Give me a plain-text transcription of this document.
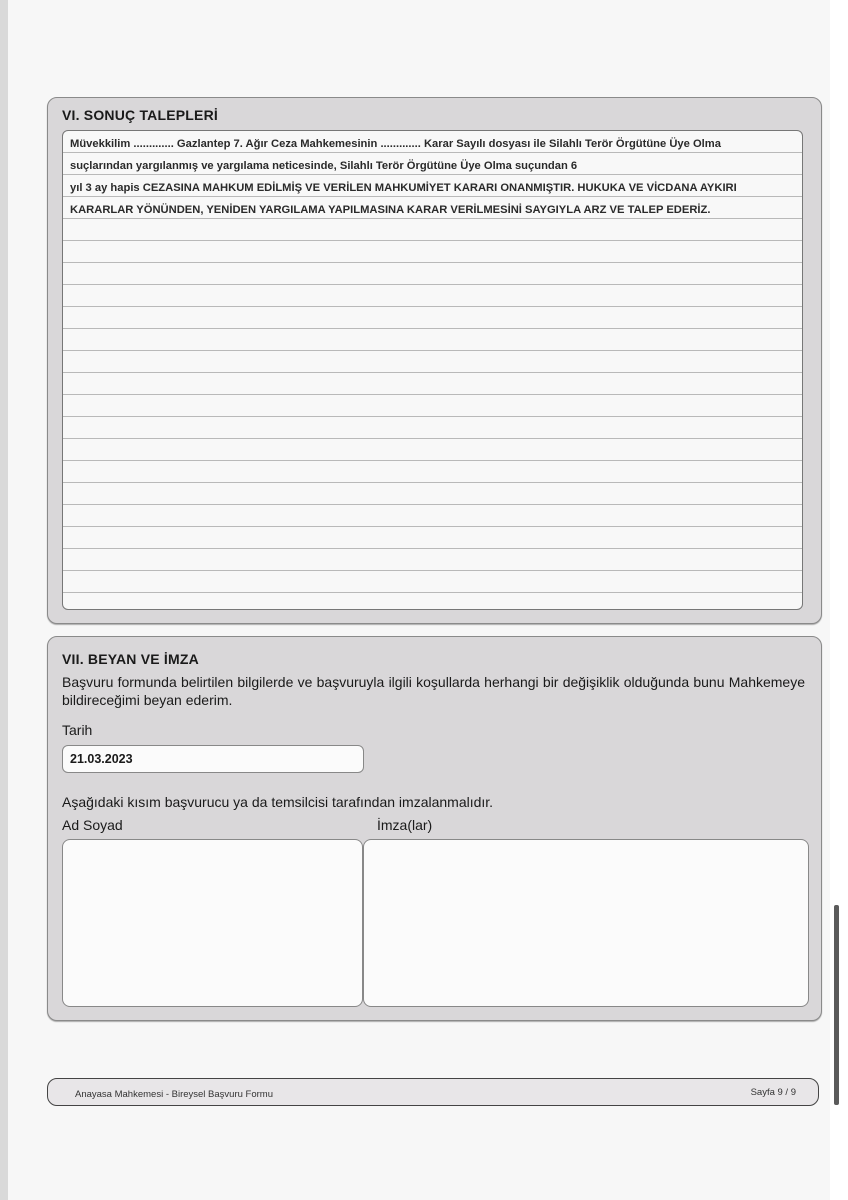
VI. SONUÇ TALEPLERİ
Müvekkilim ............. Gazlantep 7. Ağır Ceza Mahkemesinin ............. Karar Sayılı dosyası ile Silahlı Terör Örgütüne Üye Olma
suçlarından yargılanmış ve yargılama neticesinde, Silahlı Terör Örgütüne Üye Olma suçundan 6
yıl 3 ay hapis CEZASINA MAHKUM EDİLMİŞ VE VERİLEN MAHKUMİYET KARARI ONANMIŞTIR. HUKUKA VE VİCDANA AYKIRI
KARARLAR YÖNÜNDEN, YENİDEN YARGILAMA YAPILMASINA KARAR VERİLMESİNİ SAYGIYLA ARZ VE TALEP EDERİZ.
VII. BEYAN VE İMZA
Başvuru formunda belirtilen bilgilerde ve başvuruyla ilgili koşullarda herhangi bir değişiklik olduğunda bunu Mahkemeye bildireceğimi beyan ederim.
Tarih
21.03.2023
Aşağıdaki kısım başvurucu ya da temsilcisi tarafından imzalanmalıdır.
Ad Soyad	İmza(lar)
Anayasa Mahkemesi - Bireysel Başvuru Formu	Sayfa 9 / 9
